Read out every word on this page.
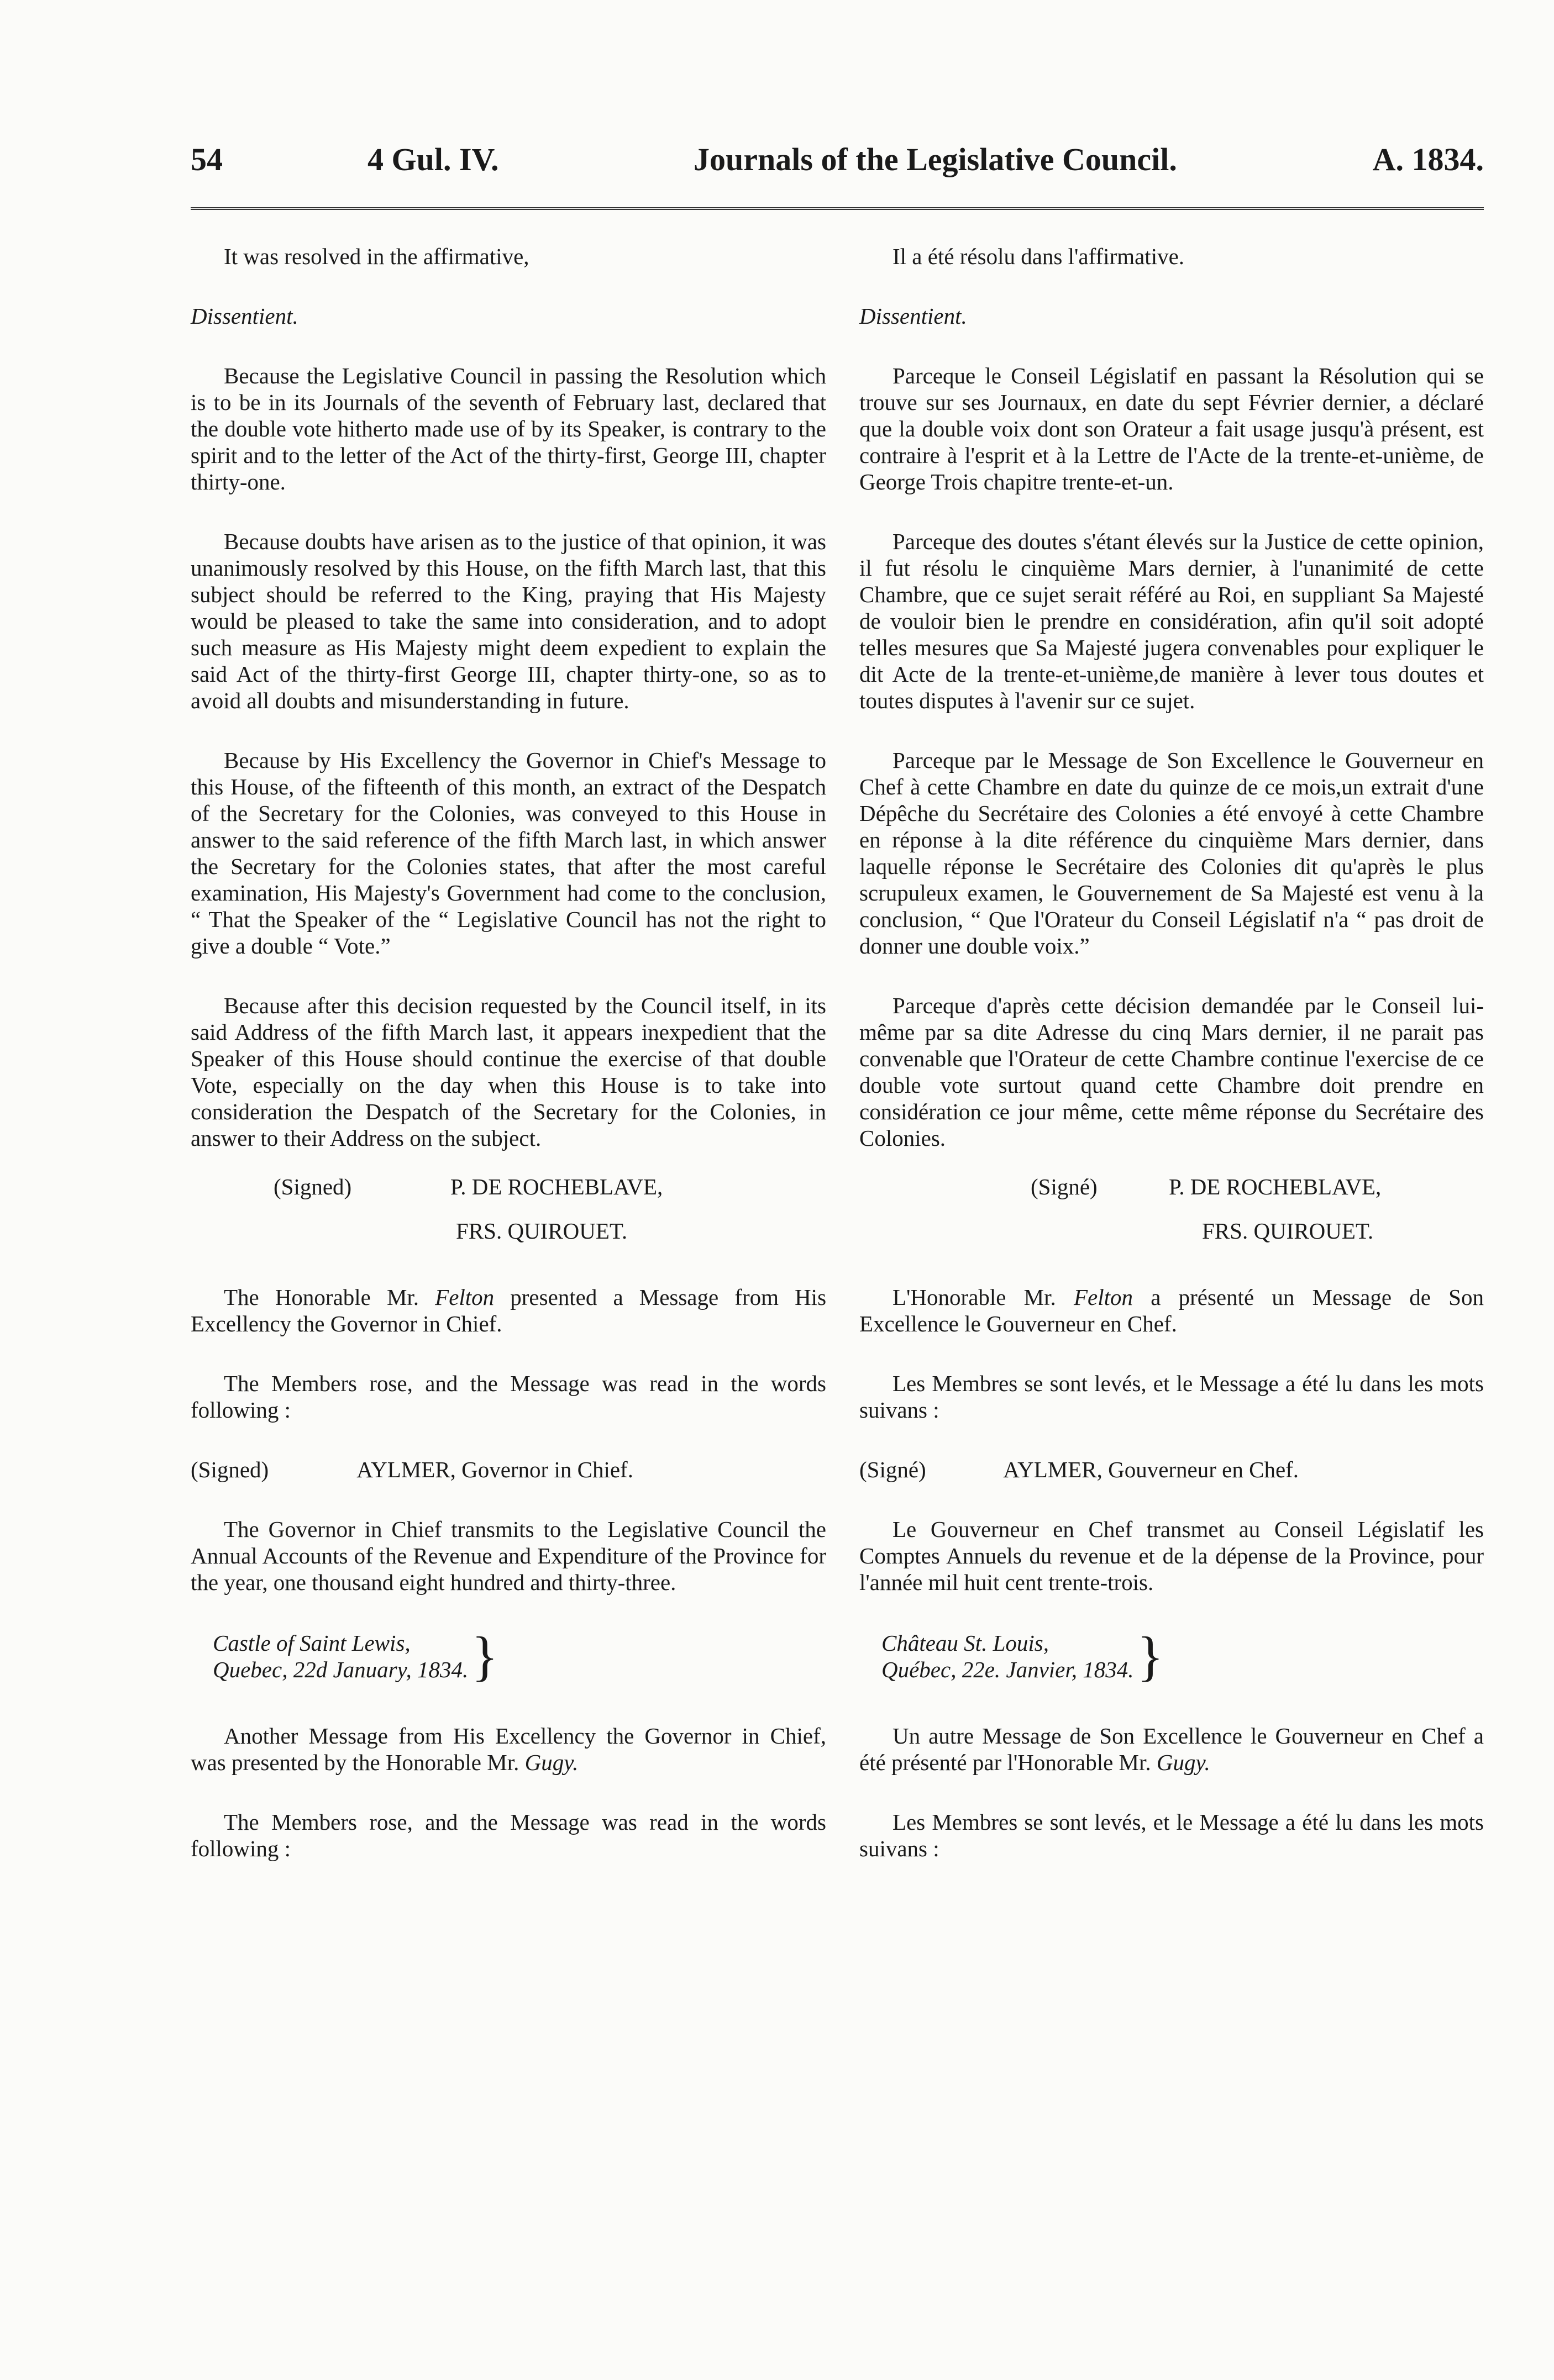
54	4 Gul. IV.	Journals of the Legislative Council.	A. 1834.

It was resolved in the affirmative,

Dissentient.

Because the Legislative Council in passing the Resolution which is to be in its Journals of the seventh of February last, declared that the double vote hitherto made use of by its Speaker, is contrary to the spirit and to the letter of the Act of the thirty-first, George III, chapter thirty-one.

Because doubts have arisen as to the justice of that opinion, it was unanimously resolved by this House, on the fifth March last, that this subject should be referred to the King, praying that His Majesty would be pleased to take the same into consideration, and to adopt such measure as His Majesty might deem expedient to explain the said Act of the thirty-first George III, chapter thirty-one, so as to avoid all doubts and misunderstanding in future.

Because by His Excellency the Governor in Chief's Message to this House, of the fifteenth of this month, an extract of the Despatch of the Secretary for the Colonies, was conveyed to this House in answer to the said reference of the fifth March last, in which answer the Secretary for the Colonies states, that after the most careful examination, His Majesty's Government had come to the conclusion, “ That the Speaker of the “ Legislative Council has not the right to give a double “ Vote.”

Because after this decision requested by the Council itself, in its said Address of the fifth March last, it appears inexpedient that the Speaker of this House should continue the exercise of that double Vote, especially on the day when this House is to take into consideration the Despatch of the Secretary for the Colonies, in answer to their Address on the subject.

(Signed)	P. DE ROCHEBLAVE,
FRS. QUIROUET.

The Honorable Mr. Felton presented a Message from His Excellency the Governor in Chief.

The Members rose, and the Message was read in the words following :

(Signed)	AYLMER, Governor in Chief.

The Governor in Chief transmits to the Legislative Council the Annual Accounts of the Revenue and Expenditure of the Province for the year, one thousand eight hundred and thirty-three.

Castle of Saint Lewis,
Quebec, 22d January, 1834. }

Another Message from His Excellency the Governor in Chief, was presented by the Honorable Mr. Gugy.

The Members rose, and the Message was read in the words following :

Il a été résolu dans l'affirmative.

Dissentient.

Parceque le Conseil Législatif en passant la Résolution qui se trouve sur ses Journaux, en date du sept Février dernier, a déclaré que la double voix dont son Orateur a fait usage jusqu'à présent, est contraire à l'esprit et à la Lettre de l'Acte de la trente-et-unième, de George Trois chapitre trente-et-un.

Parceque des doutes s'étant élevés sur la Justice de cette opinion, il fut résolu le cinquième Mars dernier, à l'unanimité de cette Chambre, que ce sujet serait référé au Roi, en suppliant Sa Majesté de vouloir bien le prendre en considération, afin qu'il soit adopté telles mesures que Sa Majesté jugera convenables pour expliquer le dit Acte de la trente-et-unième,de manière à lever tous doutes et toutes disputes à l'avenir sur ce sujet.

Parceque par le Message de Son Excellence le Gouverneur en Chef à cette Chambre en date du quinze de ce mois,un extrait d'une Dépêche du Secrétaire des Colonies a été envoyé à cette Chambre en réponse à la dite référence du cinquième Mars dernier, dans laquelle réponse le Secrétaire des Colonies dit qu'après le plus scrupuleux examen, le Gouvernement de Sa Majesté est venu à la conclusion, “ Que l'Orateur du Conseil Législatif n'a “ pas droit de donner une double voix.”

Parceque d'après cette décision demandée par le Conseil lui-même par sa dite Adresse du cinq Mars dernier, il ne parait pas convenable que l'Orateur de cette Chambre continue l'exercise de ce double vote surtout quand cette Chambre doit prendre en considération ce jour même, cette même réponse du Secrétaire des Colonies.

(Signé)	P. DE ROCHEBLAVE,
FRS. QUIROUET.

L'Honorable Mr. Felton a présenté un Message de Son Excellence le Gouverneur en Chef.

Les Membres se sont levés, et le Message a été lu dans les mots suivans :

(Signé)	AYLMER, Gouverneur en Chef.

Le Gouverneur en Chef transmet au Conseil Législatif les Comptes Annuels du revenue et de la dépense de la Province, pour l'année mil huit cent trente-trois.

Château St. Louis,
Québec, 22e. Janvier, 1834. }

Un autre Message de Son Excellence le Gouverneur en Chef a été présenté par l'Honorable Mr. Gugy.

Les Membres se sont levés, et le Message a été lu dans les mots suivans :
